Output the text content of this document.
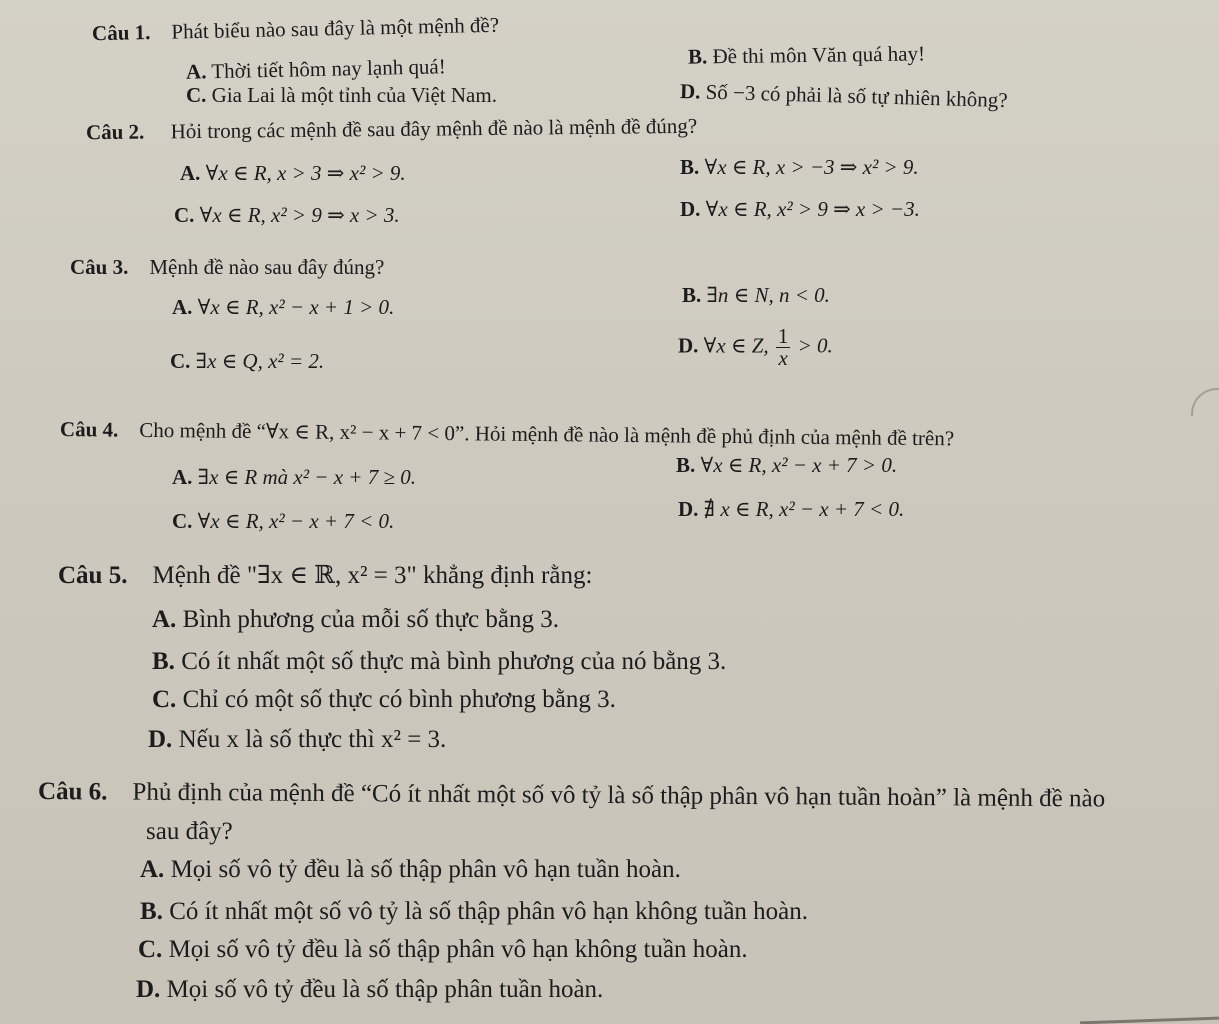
Câu 1. Phát biểu nào sau đây là một mệnh đề?
A. Thời tiết hôm nay lạnh quá!	B. Đề thi môn Văn quá hay!
C. Gia Lai là một tỉnh của Việt Nam.	D. Số −3 có phải là số tự nhiên không?
Câu 2. Hỏi trong các mệnh đề sau đây mệnh đề nào là mệnh đề đúng?
A. ∀x ∈ R, x > 3 ⇒ x² > 9.	B. ∀x ∈ R, x > −3 ⇒ x² > 9.
C. ∀x ∈ R, x² > 9 ⇒ x > 3.	D. ∀x ∈ R, x² > 9 ⇒ x > −3.
Câu 3. Mệnh đề nào sau đây đúng?
A. ∀x ∈ R, x² − x + 1 > 0.	B. ∃n ∈ N, n < 0.
C. ∃x ∈ Q, x² = 2.
D. ∀x ∈ Z, $\frac{1}{x} > 0$.
Câu 4. Cho mệnh đề “∀x ∈ R, x² − x + 7 < 0”. Hỏi mệnh đề nào là mệnh đề phủ định của mệnh đề trên?
A. ∃x ∈ R mà x² − x + 7 ≥ 0.	B. ∀x ∈ R, x² − x + 7 > 0.
C. ∀x ∈ R, x² − x + 7 < 0.	D. ∄ x ∈ R, x² − x + 7 < 0.
Câu 5. Mệnh đề "∃x ∈ ℝ, x² = 3" khẳng định rằng:
A. Bình phương của mỗi số thực bằng 3.
B. Có ít nhất một số thực mà bình phương của nó bằng 3.
C. Chỉ có một số thực có bình phương bằng 3.
D. Nếu x là số thực thì x² = 3.
Câu 6. Phủ định của mệnh đề “Có ít nhất một số vô tỷ là số thập phân vô hạn tuần hoàn” là mệnh đề nào
sau đây?
A. Mọi số vô tỷ đều là số thập phân vô hạn tuần hoàn.
B. Có ít nhất một số vô tỷ là số thập phân vô hạn không tuần hoàn.
C. Mọi số vô tỷ đều là số thập phân vô hạn không tuần hoàn.
D. Mọi số vô tỷ đều là số thập phân tuần hoàn.
